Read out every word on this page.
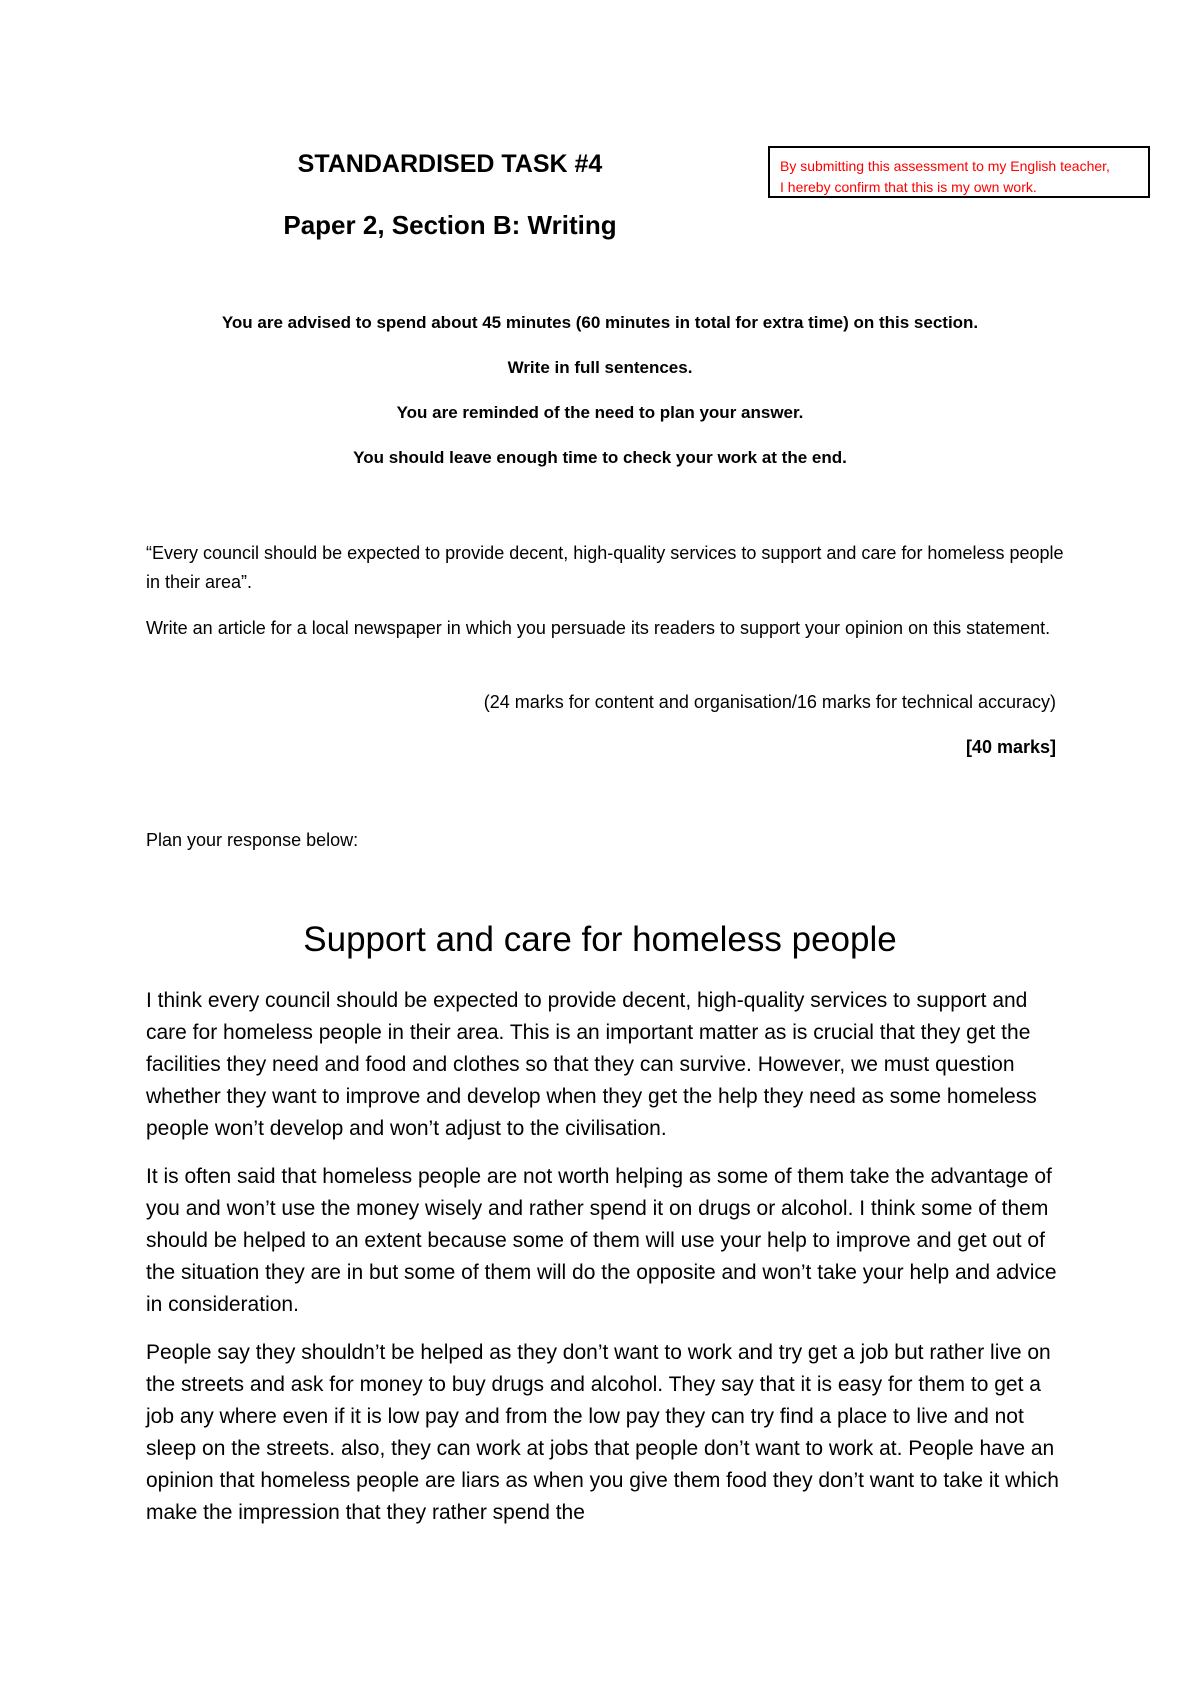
STANDARDISED TASK #4
Paper 2, Section B: Writing
By submitting this assessment to my English teacher,
I hereby confirm that this is my own work.

You are advised to spend about 45 minutes (60 minutes in total for extra time) on this section.

Write in full sentences.

You are reminded of the need to plan your answer.

You should leave enough time to check your work at the end.

“Every council should be expected to provide decent, high-quality services to support and care for homeless people in their area”.

Write an article for a local newspaper in which you persuade its readers to support your opinion on this statement.

(24 marks for content and organisation/16 marks for technical accuracy)

[40 marks]

Plan your response below:

Support and care for homeless people

I think every council should be expected to provide decent, high-quality services to support and care for homeless people in their area. This is an important matter as is crucial that they get the facilities they need and food and clothes so that they can survive. However, we must question whether they want to improve and develop when they get the help they need as some homeless people won’t develop and won’t adjust to the civilisation.

It is often said that homeless people are not worth helping as some of them take the advantage of you and won’t use the money wisely and rather spend it on drugs or alcohol. I think some of them should be helped to an extent because some of them will use your help to improve and get out of the situation they are in but some of them will do the opposite and won’t take your help and advice in consideration.

People say they shouldn’t be helped as they don’t want to work and try get a job but rather live on the streets and ask for money to buy drugs and alcohol. They say that it is easy for them to get a job any where even if it is low pay and from the low pay they can try find a place to live and not sleep on the streets. also, they can work at jobs that people don’t want to work at. People have an opinion that homeless people are liars as when you give them food they don’t want to take it which make the impression that they rather spend the
